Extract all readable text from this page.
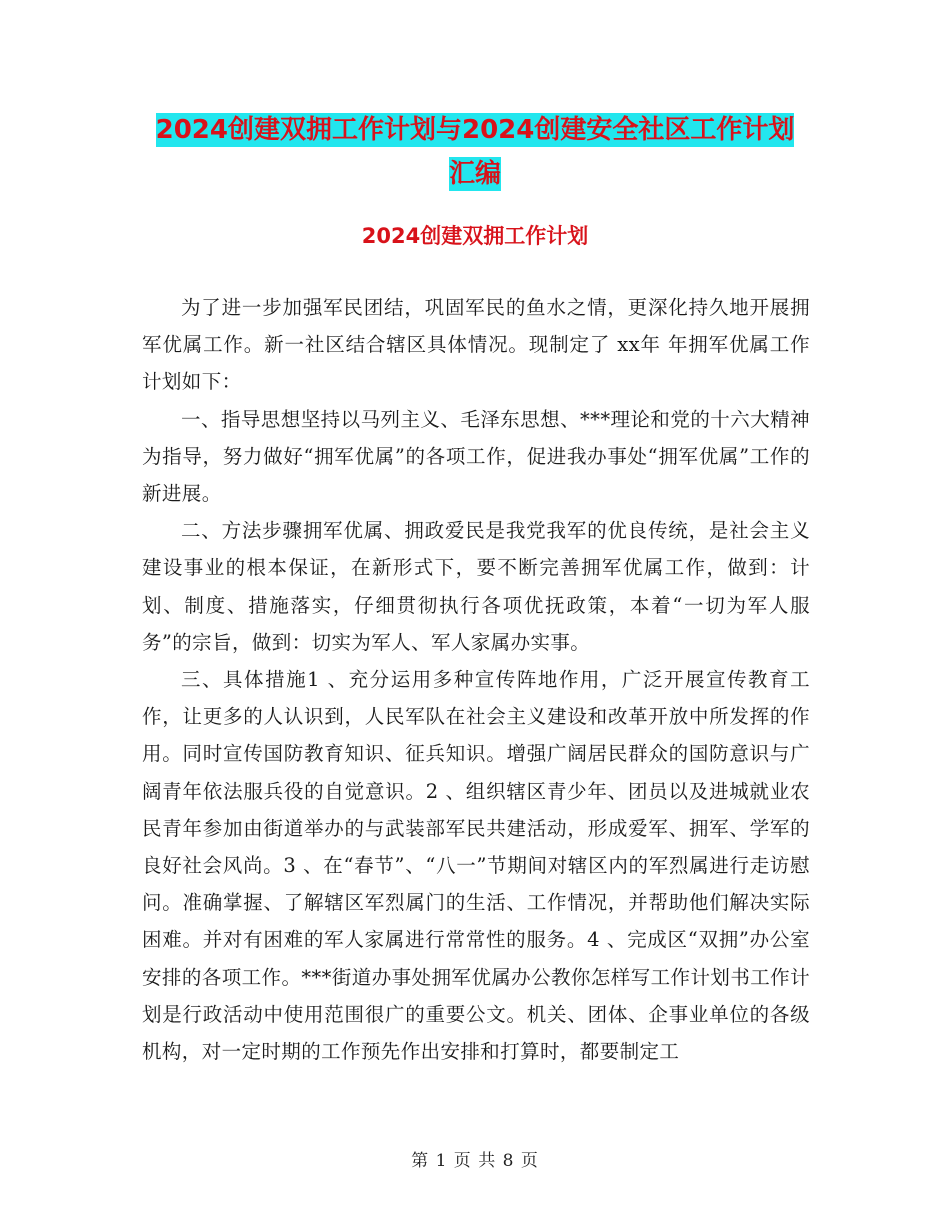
2024创建双拥工作计划与2024创建安全社区工作计划
汇编
2024创建双拥工作计划

为了进一步加强军民团结，巩固军民的鱼水之情，更深化持久地开展拥军优属工作。新一社区结合辖区具体情况。现制定了 xx年 年拥军优属工作计划如下：

一、指导思想坚持以马列主义、毛泽东思想、***理论和党的十六大精神为指导，努力做好“拥军优属”的各项工作，促进我办事处“拥军优属”工作的新进展。

二、方法步骤拥军优属、拥政爱民是我党我军的优良传统，是社会主义建设事业的根本保证，在新形式下，要不断完善拥军优属工作，做到：计划、制度、措施落实，仔细贯彻执行各项优抚政策，本着“一切为军人服务”的宗旨，做到：切实为军人、军人家属办实事。

三、具体措施1 、充分运用多种宣传阵地作用，广泛开展宣传教育工作，让更多的人认识到，人民军队在社会主义建设和改革开放中所发挥的作用。同时宣传国防教育知识、征兵知识。增强广阔居民群众的国防意识与广阔青年依法服兵役的自觉意识。2 、组织辖区青少年、团员以及进城就业农民青年参加由街道举办的与武装部军民共建活动，形成爱军、拥军、学军的良好社会风尚。3 、在“春节”、“八一”节期间对辖区内的军烈属进行走访慰问。准确掌握、了解辖区军烈属门的生活、工作情况，并帮助他们解决实际困难。并对有困难的军人家属进行常常性的服务。4 、完成区“双拥”办公室安排的各项工作。***街道办事处拥军优属办公教你怎样写工作计划书工作计划是行政活动中使用范围很广的重要公文。机关、团体、企事业单位的各级机构，对一定时期的工作预先作出安排和打算时，都要制定工

第 1 页 共 8 页
